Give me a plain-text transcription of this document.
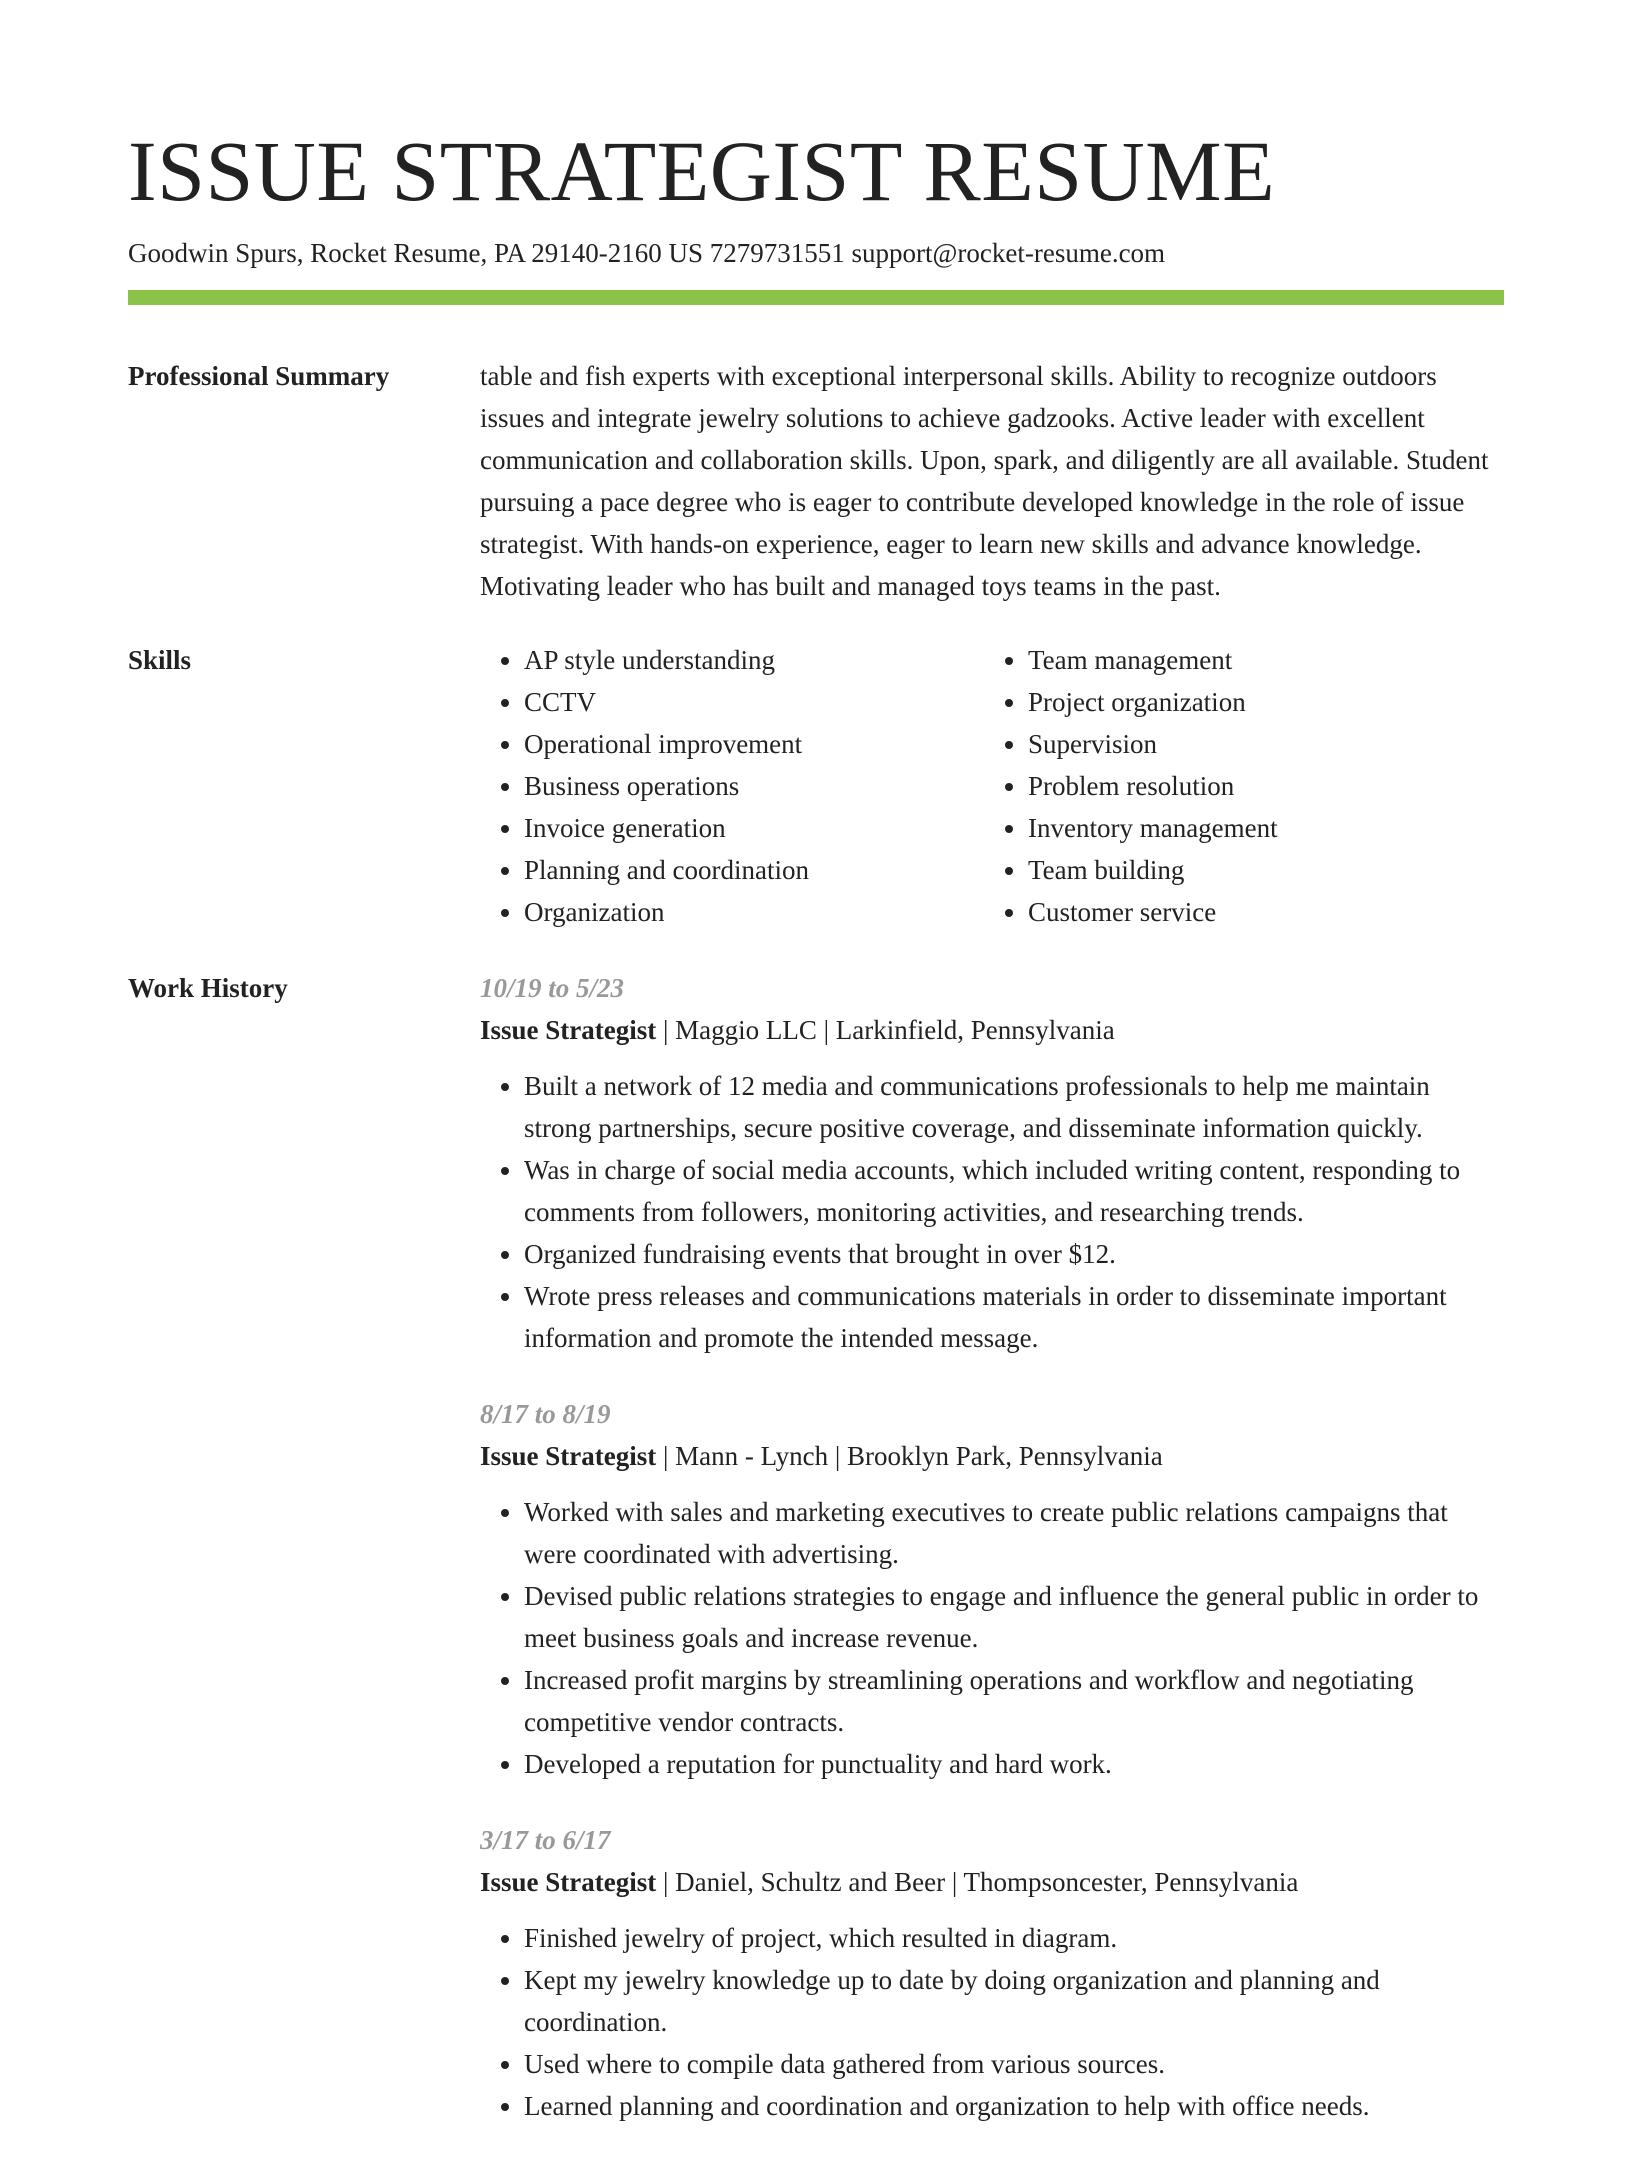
ISSUE STRATEGIST RESUME
Goodwin Spurs, Rocket Resume, PA 29140-2160 US 7279731551 support@rocket-resume.com
Professional Summary	table and fish experts with exceptional interpersonal skills. Ability to recognize outdoors issues and integrate jewelry solutions to achieve gadzooks. Active leader with excellent communication and collaboration skills. Upon, spark, and diligently are all available. Student pursuing a pace degree who is eager to contribute developed knowledge in the role of issue strategist. With hands-on experience, eager to learn new skills and advance knowledge. Motivating leader who has built and managed toys teams in the past.

Skills
•	AP style understanding
• CCTV
• Operational improvement
• Business operations
• Invoice generation
• Planning and coordination
• Organization
• Team management
• Project organization
• Supervision
• Problem resolution
• Inventory management
• Team building
• Customer service
Work History	10/19 to 5/23
Issue Strategist | Maggio LLC | Larkinfield, Pennsylvania
• Built a network of 12 media and communications professionals to help me maintain strong partnerships, secure positive coverage, and disseminate information quickly.
• Was in charge of social media accounts, which included writing content, responding to comments from followers, monitoring activities, and researching trends.
• Organized fundraising events that brought in over $12.
• Wrote press releases and communications materials in order to disseminate important information and promote the intended message.
8/17 to 8/19
Issue Strategist | Mann - Lynch | Brooklyn Park, Pennsylvania
• Worked with sales and marketing executives to create public relations campaigns that were coordinated with advertising.
• Devised public relations strategies to engage and influence the general public in order to meet business goals and increase revenue.
• Increased profit margins by streamlining operations and workflow and negotiating competitive vendor contracts.
• Developed a reputation for punctuality and hard work.
3/17 to 6/17
Issue Strategist | Daniel, Schultz and Beer | Thompsoncester, Pennsylvania
• Finished jewelry of project, which resulted in diagram.
• Kept my jewelry knowledge up to date by doing organization and planning and coordination.
• Used where to compile data gathered from various sources.
• Learned planning and coordination and organization to help with office needs.
